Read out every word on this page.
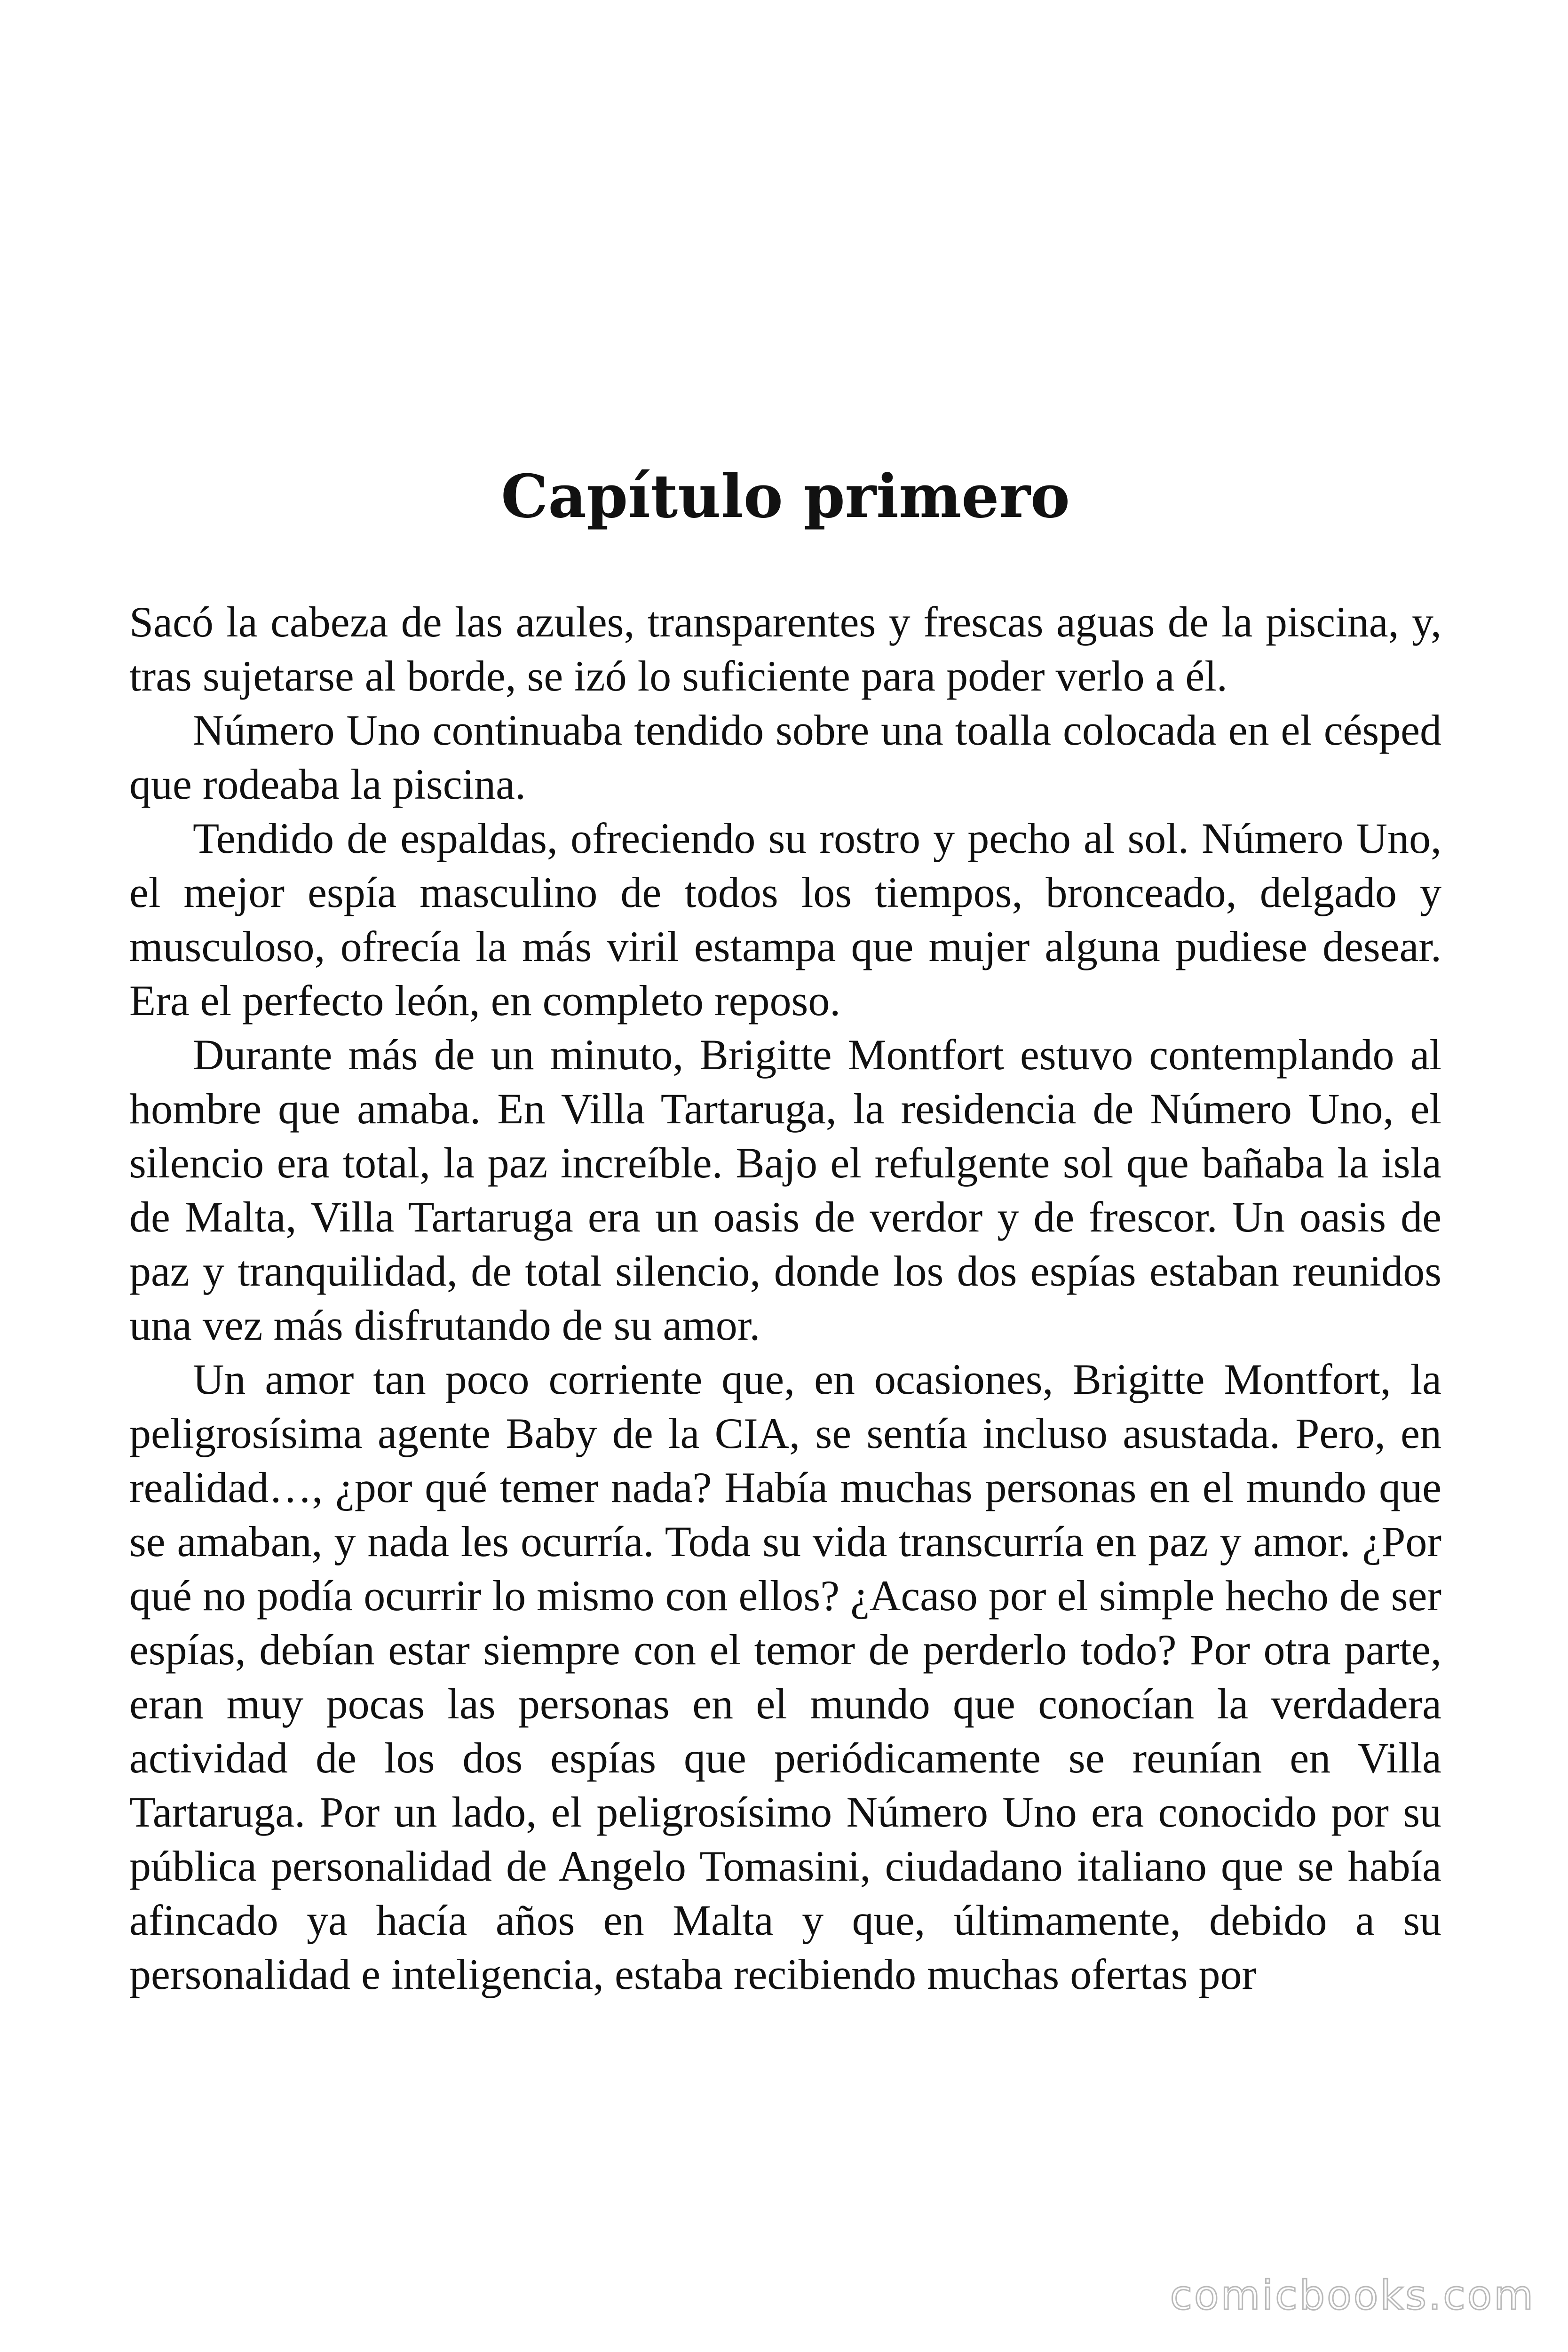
Capítulo primero

Sacó la cabeza de las azules, transparentes y frescas aguas de la piscina, y, tras sujetarse al borde, se izó lo suficiente para poder verlo a él.

Número Uno continuaba tendido sobre una toalla colocada en el césped que rodeaba la piscina.

Tendido de espaldas, ofreciendo su rostro y pecho al sol. Número Uno, el mejor espía masculino de todos los tiempos, bronceado, delgado y musculoso, ofrecía la más viril estampa que mujer alguna pudiese desear. Era el perfecto león, en completo reposo.

Durante más de un minuto, Brigitte Montfort estuvo contemplando al hombre que amaba. En Villa Tartaruga, la residencia de Número Uno, el silencio era total, la paz increíble. Bajo el refulgente sol que bañaba la isla de Malta, Villa Tartaruga era un oasis de verdor y de frescor. Un oasis de paz y tranquilidad, de total silencio, donde los dos espías estaban reunidos una vez más disfrutando de su amor.

Un amor tan poco corriente que, en ocasiones, Brigitte Montfort, la peligrosísima agente Baby de la CIA, se sentía incluso asustada. Pero, en realidad…, ¿por qué temer nada? Había muchas personas en el mundo que se amaban, y nada les ocurría. Toda su vida transcurría en paz y amor. ¿Por qué no podía ocurrir lo mismo con ellos? ¿Acaso por el simple hecho de ser espías, debían estar siempre con el temor de perderlo todo? Por otra parte, eran muy pocas las personas en el mundo que conocían la verdadera actividad de los dos espías que periódicamente se reunían en Villa Tartaruga. Por un lado, el peligrosísimo Número Uno era conocido por su pública personalidad de Angelo Tomasini, ciudadano italiano que se había afincado ya hacía años en Malta y que, últimamente, debido a su personalidad e inteligencia, estaba recibiendo muchas ofertas por

comicbooks.com
